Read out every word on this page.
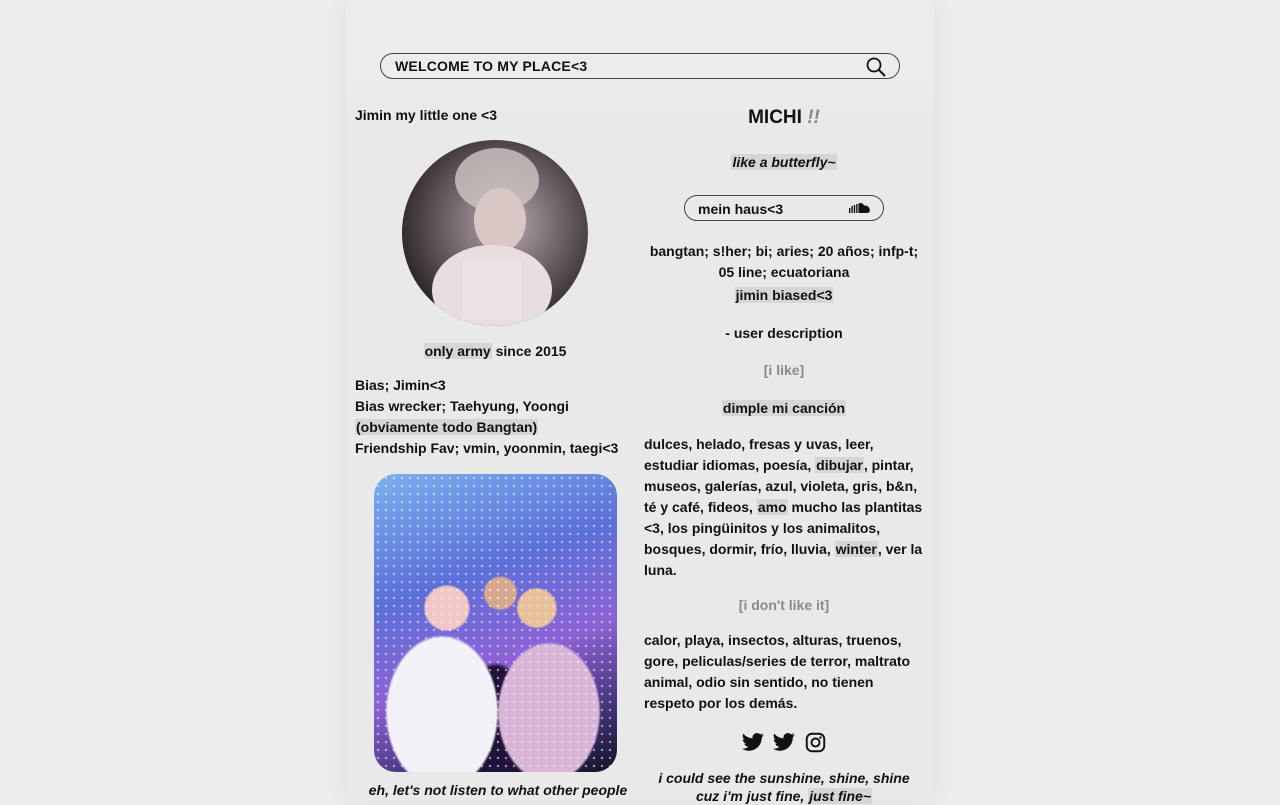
WELCOME TO MY PLACE<3
Jimin my little one <3
only army since 2015
Bias; Jimin<3
Bias wrecker; Taehyung, Yoongi
(obviamente todo Bangtan)
Friendship Fav; vmin, yoonmin, taegi<3
eh, let's not listen to what other people
MICHI !!
like a butterfly~
mein haus<3
bangtan; s!her; bi; aries; 20 años; infp-t;
05 line; ecuatoriana
jimin biased<3
- user description
[i like]
dimple mi canción
dulces, helado, fresas y uvas, leer, estudiar idiomas, poesía, dibujar, pintar, museos, galerías, azul, violeta, gris, b&n, té y café, fideos, amo mucho las plantitas <3, los pingüinitos y los animalitos, bosques, dormir, frío, lluvia, winter, ver la luna.
[i don't like it]
calor, playa, insectos, alturas, truenos, gore, peliculas/series de terror, maltrato animal, odio sin sentido, no tienen respeto por los demás.
i could see the sunshine, shine, shine
cuz i'm just fine, just fine~
